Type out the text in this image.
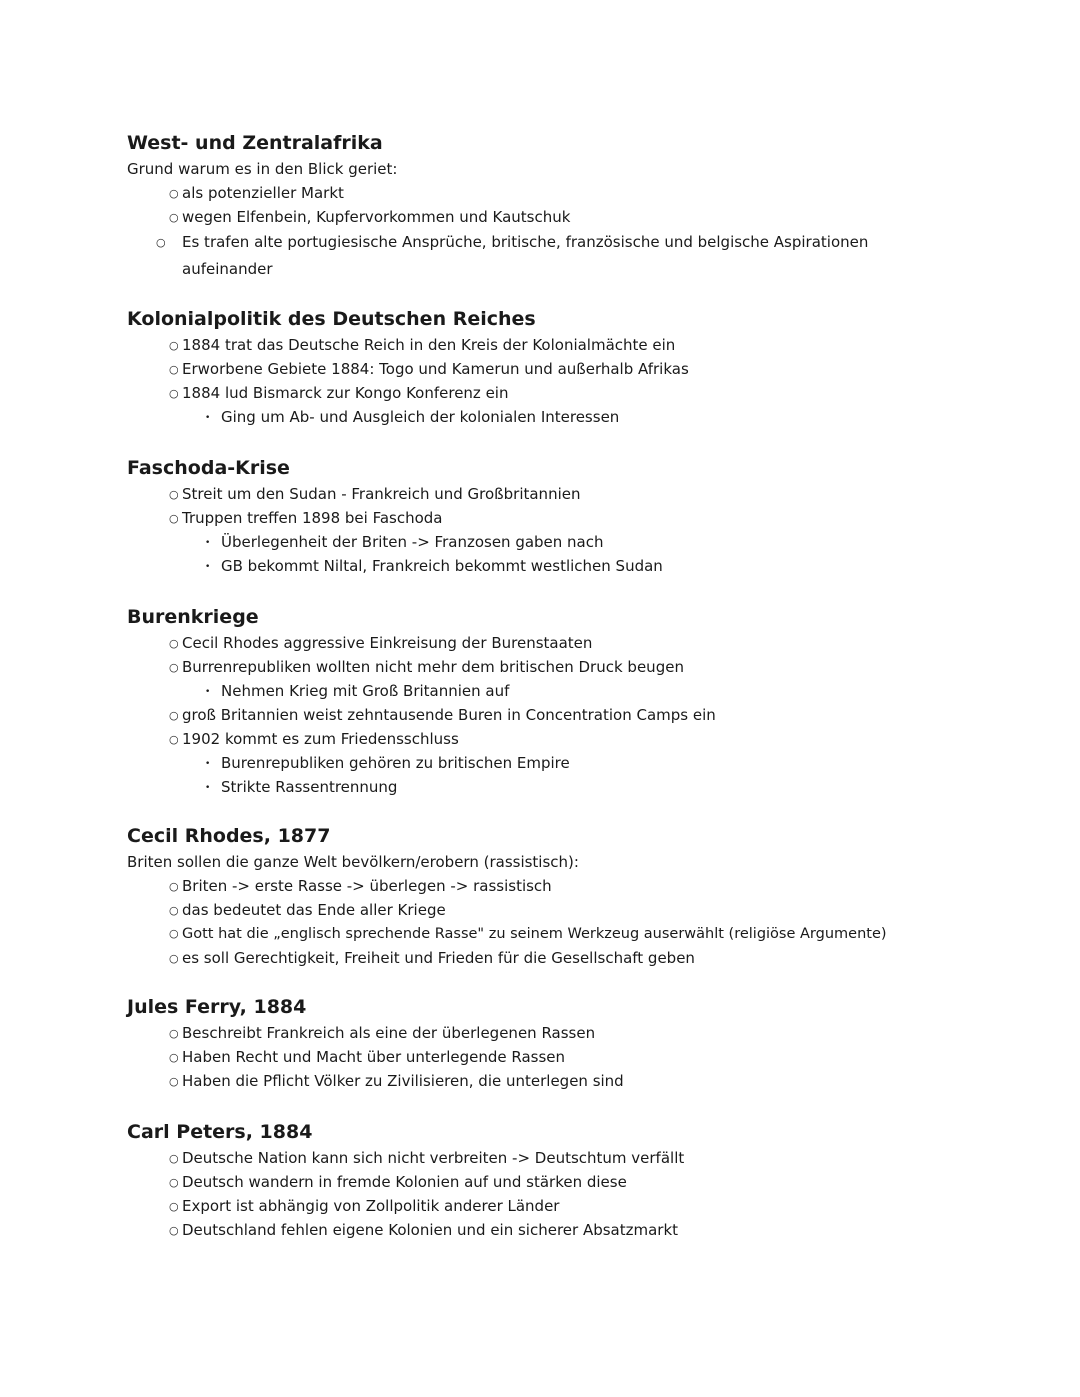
West- und Zentralafrika
Grund warum es in den Blick geriet:
○ als potenzieller Markt
○ wegen Elfenbein, Kupfervorkommen und Kautschuk
○ Es trafen alte portugiesische Ansprüche, britische, französische und belgische Aspirationen aufeinander
Kolonialpolitik des Deutschen Reiches
○ 1884 trat das Deutsche Reich in den Kreis der Kolonialmächte ein
○ Erworbene Gebiete 1884: Togo und Kamerun und außerhalb Afrikas
○ 1884 lud Bismarck zur Kongo Konferenz ein
• Ging um Ab- und Ausgleich der kolonialen Interessen
Faschoda-Krise
○ Streit um den Sudan - Frankreich und Großbritannien
○ Truppen treffen 1898 bei Faschoda
• Überlegenheit der Briten -> Franzosen gaben nach
• GB bekommt Niltal, Frankreich bekommt westlichen Sudan
Burenkriege
○ Cecil Rhodes aggressive Einkreisung der Burenstaaten
○ Burrenrepubliken wollten nicht mehr dem britischen Druck beugen
• Nehmen Krieg mit Groß Britannien auf
○ groß Britannien weist zehntausende Buren in Concentration Camps ein
○ 1902 kommt es zum Friedensschluss
• Burenrepubliken gehören zu britischen Empire
• Strikte Rassentrennung
Cecil Rhodes, 1877
Briten sollen die ganze Welt bevölkern/erobern (rassistisch):
○ Briten -> erste Rasse -> überlegen -> rassistisch
○ das bedeutet das Ende aller Kriege
○ Gott hat die „englisch sprechende Rasse" zu seinem Werkzeug auserwählt (religiöse Argumente)
○ es soll Gerechtigkeit, Freiheit und Frieden für die Gesellschaft geben
Jules Ferry, 1884
○ Beschreibt Frankreich als eine der überlegenen Rassen
○ Haben Recht und Macht über unterlegende Rassen
○ Haben die Pflicht Völker zu Zivilisieren, die unterlegen sind
Carl Peters, 1884
○ Deutsche Nation kann sich nicht verbreiten -> Deutschtum verfällt
○ Deutsch wandern in fremde Kolonien auf und stärken diese
○ Export ist abhängig von Zollpolitik anderer Länder
○ Deutschland fehlen eigene Kolonien und ein sicherer Absatzmarkt
